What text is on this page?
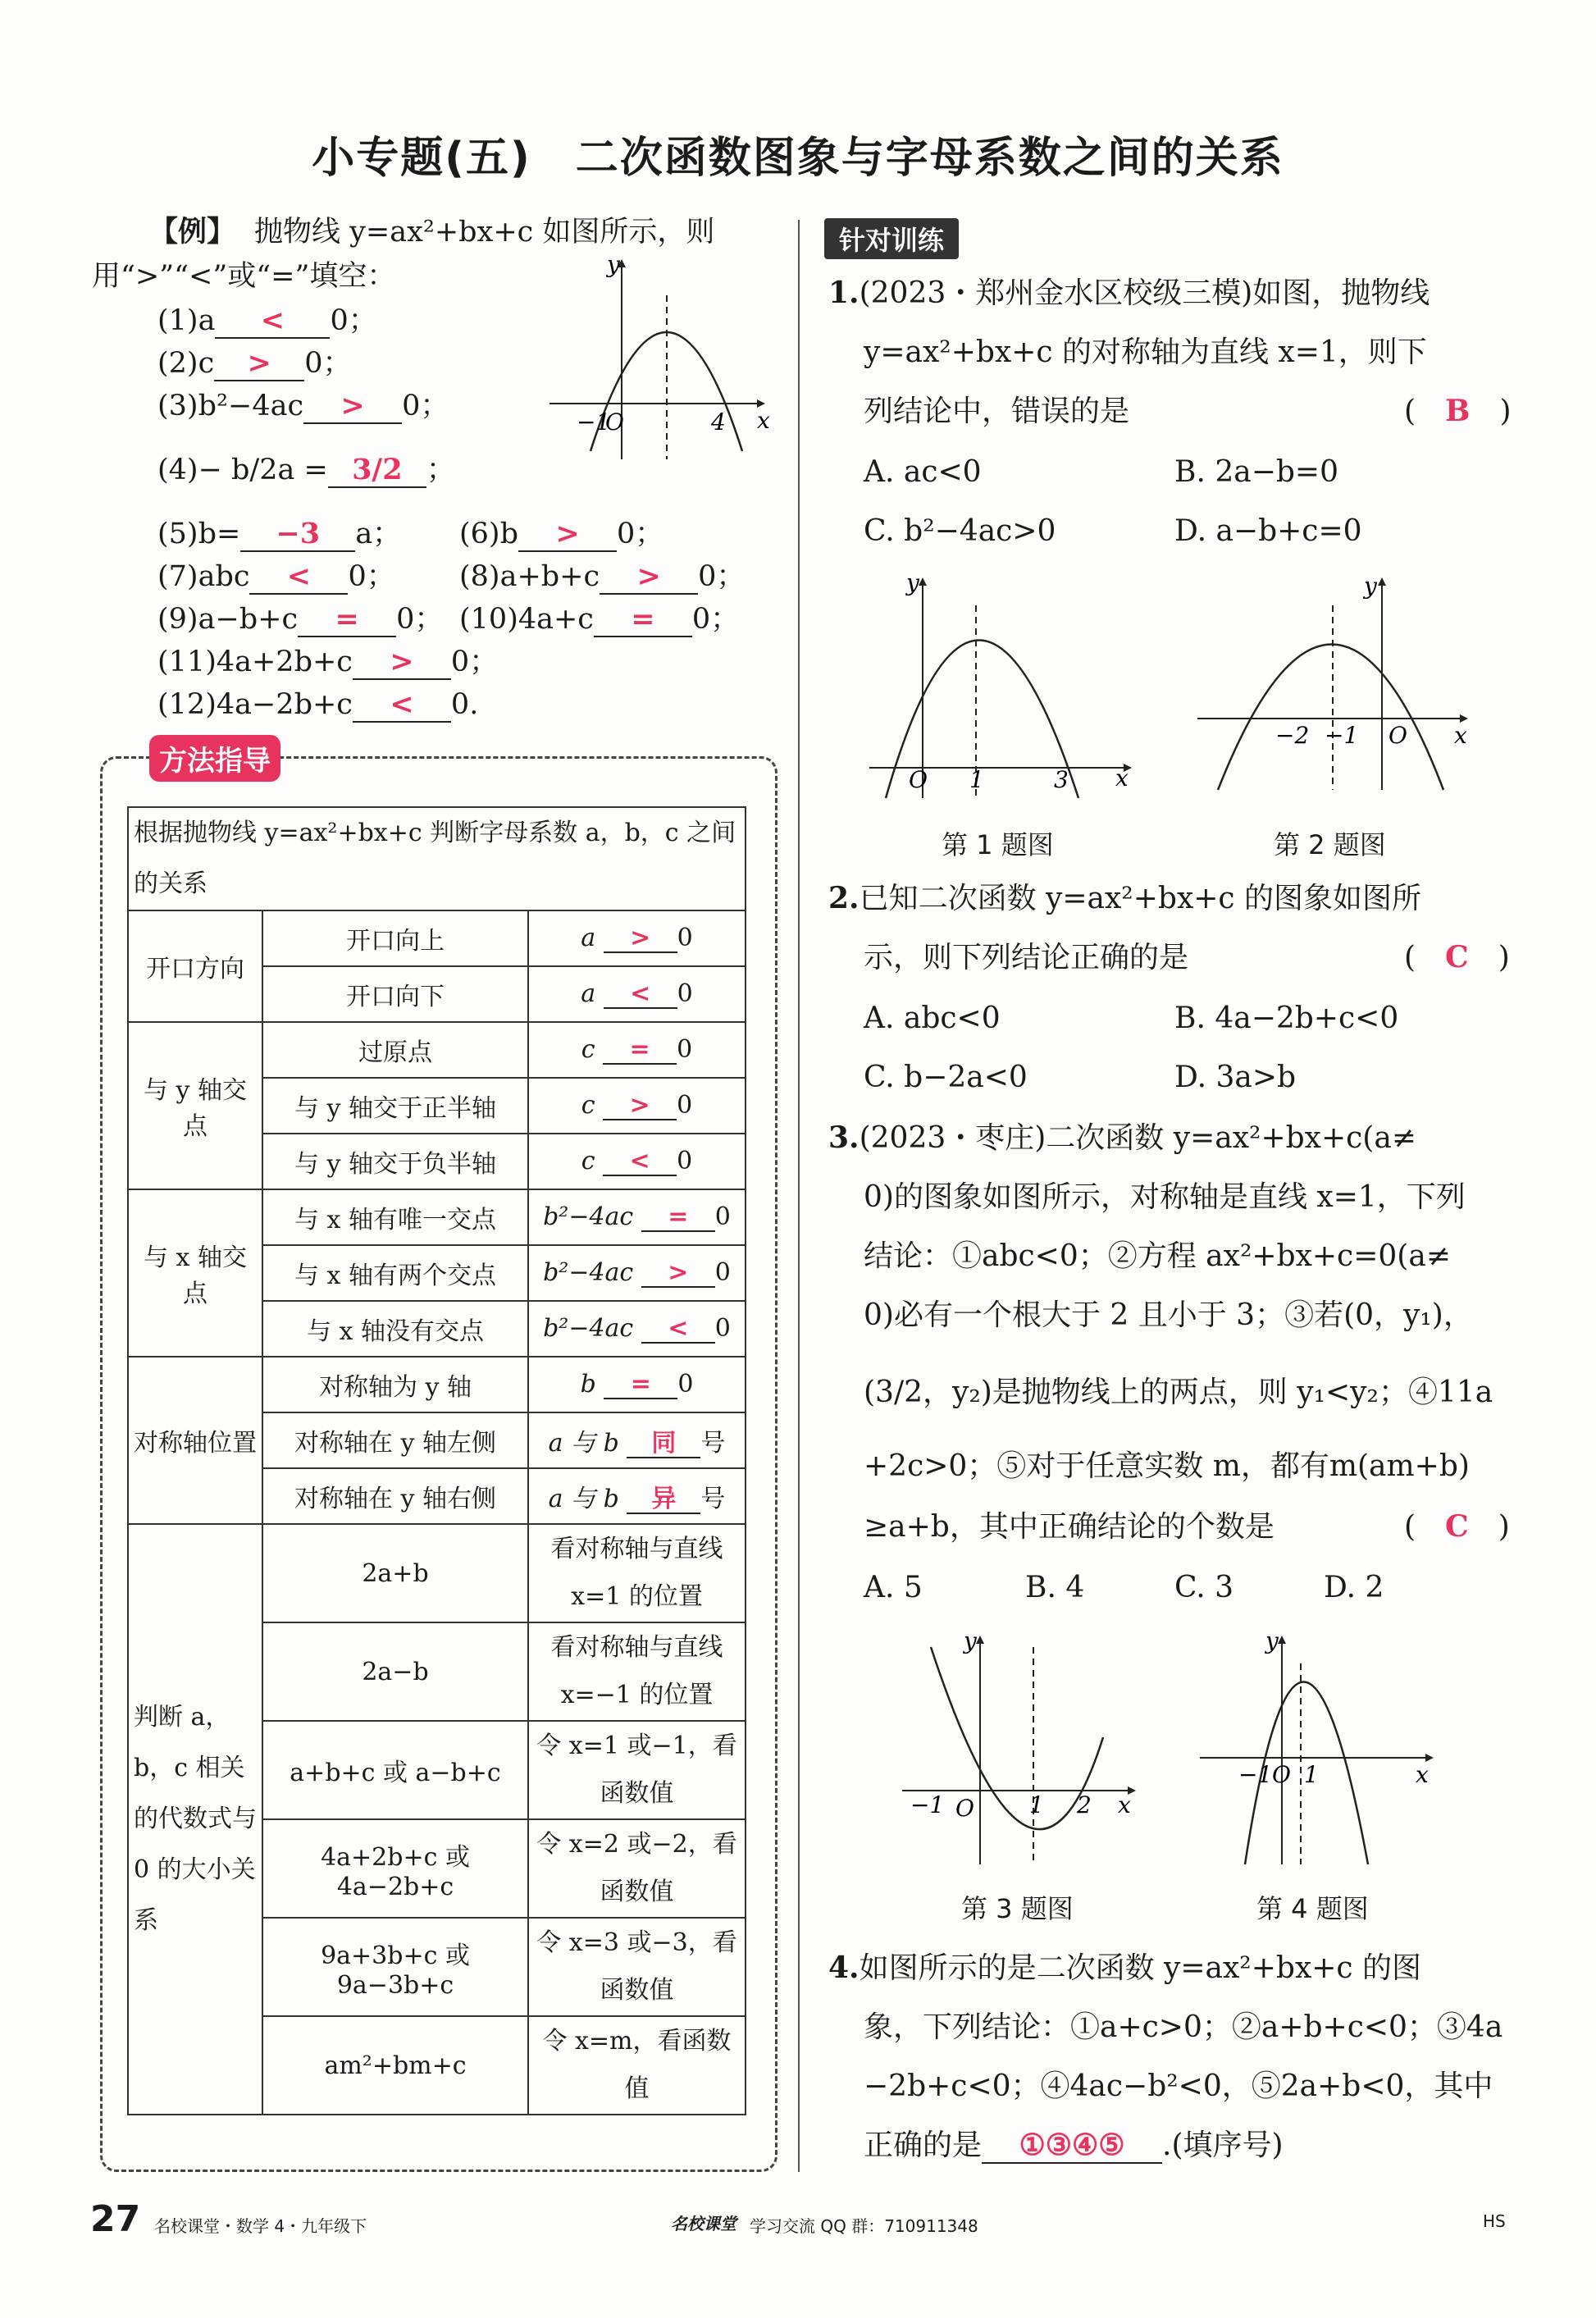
小专题(五)　二次函数图象与字母系数之间的关系
【例】 抛物线 y=ax²+bx+c 如图所示，则
用“>”“<”或“=”填空：
(1)a < 0；
(2)c > 0；
(3)b²−4ac > 0；
(4)− b/2a = 3/2 ；
(5)b= −3 a； (6)b > 0；
(7)abc < 0； (8)a+b+c > 0；
(9)a−b+c = 0； (10)4a+c = 0；
(11)4a+2b+c > 0；
(12)4a−2b+c < 0.
y
x
−1
O	4
方法指导
根据抛物线 y=ax²+bx+c 判断字母系数 a，b，c 之间的关系		
开口方向	开口向上	a > 0
	开口向下	a < 0
与 y 轴交点	过原点	c = 0
	与 y 轴交于正半轴	c > 0
	与 y 轴交于负半轴	c < 0
与 x 轴交点	与 x 轴有唯一交点	b²−4ac = 0
	与 x 轴有两个交点	b²−4ac > 0
	与 x 轴没有交点	b²−4ac < 0
对称轴位置	对称轴为 y 轴	b = 0
	对称轴在 y 轴左侧	a 与 b 同 号
	对称轴在 y 轴右侧	a 与 b 异 号
判断 a，b，c 相关的代数式与 0 的大小关系	2a+b	看对称轴与直线 x=1 的位置
	2a−b	看对称轴与直线 x=−1 的位置
	a+b+c 或 a−b+c	令 x=1 或−1，看函数值
	4a+2b+c 或 4a−2b+c	令 x=2 或−2，看函数值
	9a+3b+c 或 9a−3b+c	令 x=3 或−3，看函数值
	am²+bm+c	令 x=m，看函数值
针对训练
1.(2023・郑州金水区校级三模)如图，抛物线
y=ax²+bx+c 的对称轴为直线 x=1，则下
列结论中，错误的是	(　B　)
A. ac<0	B. 2a−b=0
C. b²−4ac>0	D. a−b+c=0
y
O 1	3 x
y
−2 −1 O x
第 1 题图	第 2 题图
2.已知二次函数 y=ax²+bx+c 的图象如图所
示，则下列结论正确的是	(　C　)
A. abc<0	B. 4a−2b+c<0
C. b−2a<0	D. 3a>b
3.(2023・枣庄)二次函数 y=ax²+bx+c(a≠
0)的图象如图所示，对称轴是直线 x=1，下列
结论：①abc<0；②方程 ax²+bx+c=0(a≠
0)必有一个根大于 2 且小于 3；③若(0，y₁)，
(3/2，y₂)是抛物线上的两点，则 y₁<y₂；④11a
+2c>0；⑤对于任意实数 m，都有m(am+b)
≥a+b，其中正确结论的个数是	(　C　)
A. 5	B. 4	C. 3	D. 2
y
−1 O 1 2 x
y
−1 O 1	x
第 3 题图	第 4 题图
4.如图所示的是二次函数 y=ax²+bx+c 的图
象，下列结论：①a+c>0；②a+b+c<0；③4a
−2b+c<0；④4ac−b²<0，⑤2a+b<0，其中
正确的是 ①③④⑤ .(填序号)
27 名校课堂・数学 4・九年级下	名校课堂 学习交流 QQ 群：710911348	HS
